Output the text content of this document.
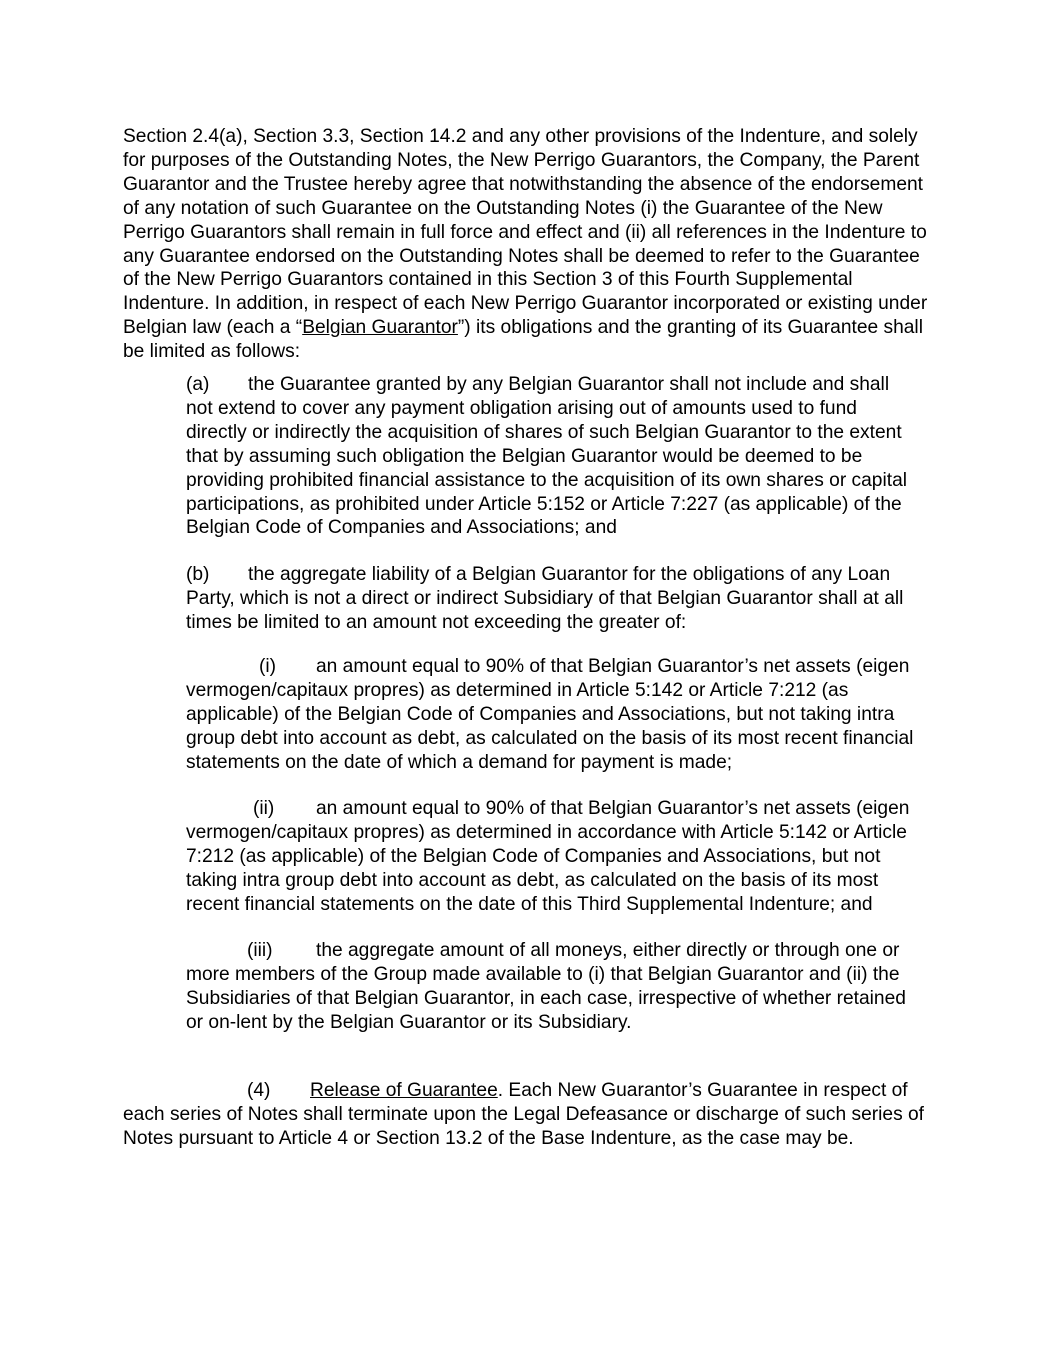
Section 2.4(a), Section 3.3, Section 14.2 and any other provisions of the Indenture, and solely for purposes of the Outstanding Notes, the New Perrigo Guarantors, the Company, the Parent Guarantor and the Trustee hereby agree that notwithstanding the absence of the endorsement of any notation of such Guarantee on the Outstanding Notes (i) the Guarantee of the New Perrigo Guarantors shall remain in full force and effect and (ii) all references in the Indenture to any Guarantee endorsed on the Outstanding Notes shall be deemed to refer to the Guarantee of the New Perrigo Guarantors contained in this Section 3 of this Fourth Supplemental Indenture. In addition, in respect of each New Perrigo Guarantor incorporated or existing under Belgian law (each a “Belgian Guarantor”) its obligations and the granting of its Guarantee shall be limited as follows:

(a) the Guarantee granted by any Belgian Guarantor shall not include and shall not extend to cover any payment obligation arising out of amounts used to fund directly or indirectly the acquisition of shares of such Belgian Guarantor to the extent that by assuming such obligation the Belgian Guarantor would be deemed to be providing prohibited financial assistance to the acquisition of its own shares or capital participations, as prohibited under Article 5:152 or Article 7:227 (as applicable) of the Belgian Code of Companies and Associations; and

(b) the aggregate liability of a Belgian Guarantor for the obligations of any Loan Party, which is not a direct or indirect Subsidiary of that Belgian Guarantor shall at all times be limited to an amount not exceeding the greater of:

(i) an amount equal to 90% of that Belgian Guarantor’s net assets (eigen vermogen/capitaux propres) as determined in Article 5:142 or Article 7:212 (as applicable) of the Belgian Code of Companies and Associations, but not taking intra group debt into account as debt, as calculated on the basis of its most recent financial statements on the date of which a demand for payment is made;

(ii) an amount equal to 90% of that Belgian Guarantor’s net assets (eigen vermogen/capitaux propres) as determined in accordance with Article 5:142 or Article 7:212 (as applicable) of the Belgian Code of Companies and Associations, but not taking intra group debt into account as debt, as calculated on the basis of its most recent financial statements on the date of this Third Supplemental Indenture; and

(iii) the aggregate amount of all moneys, either directly or through one or more members of the Group made available to (i) that Belgian Guarantor and (ii) the Subsidiaries of that Belgian Guarantor, in each case, irrespective of whether retained or on-lent by the Belgian Guarantor or its Subsidiary.

(4) Release of Guarantee. Each New Guarantor’s Guarantee in respect of each series of Notes shall terminate upon the Legal Defeasance or discharge of such series of Notes pursuant to Article 4 or Section 13.2 of the Base Indenture, as the case may be.
